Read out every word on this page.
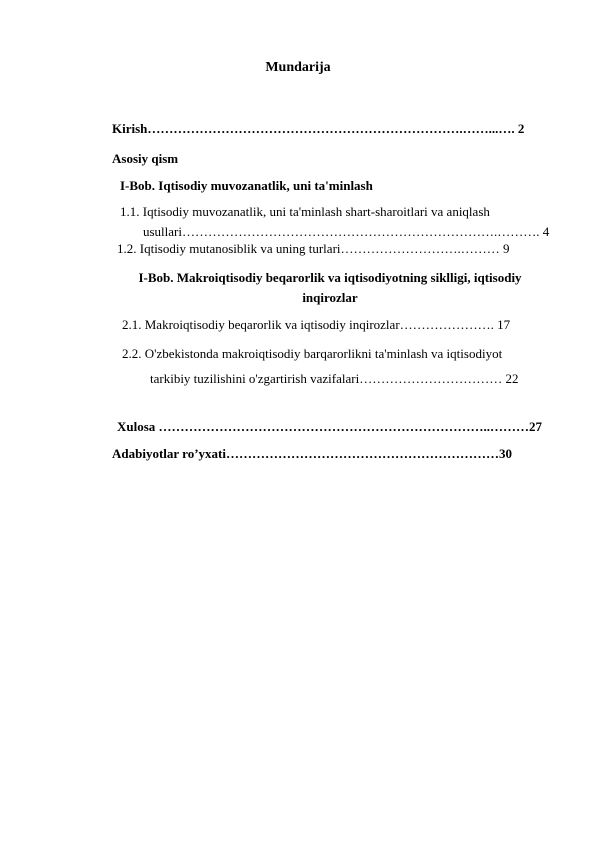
Mundarija
Kirish……………………………………………………………….……...…. 2
Asosiy qism
I-Bob. Iqtisodiy muvozanatlik, uni ta'minlash
1.1. Iqtisodiy muvozanatlik, uni ta'minlash shart-sharoitlari va aniqlash
usullari……………………………………………………………….………. 4
1.2. Iqtisodiy mutanosiblik va uning turlari……………………….……… 9
I-Bob. Makroiqtisodiy beqarorlik va iqtisodiyotning siklligi, iqtisodiy inqirozlar
2.1. Makroiqtisodiy beqarorlik va iqtisodiy inqirozlar…………………. 17
2.2. O'zbekistonda makroiqtisodiy barqarorlikni ta'minlash va iqtisodiyot
tarkibiy tuzilishini o'zgartirish vazifalari…………………………… 22
Xulosa …………………………………………………………………..………27
Adabiyotlar ro’yxati………………………………………………………30
